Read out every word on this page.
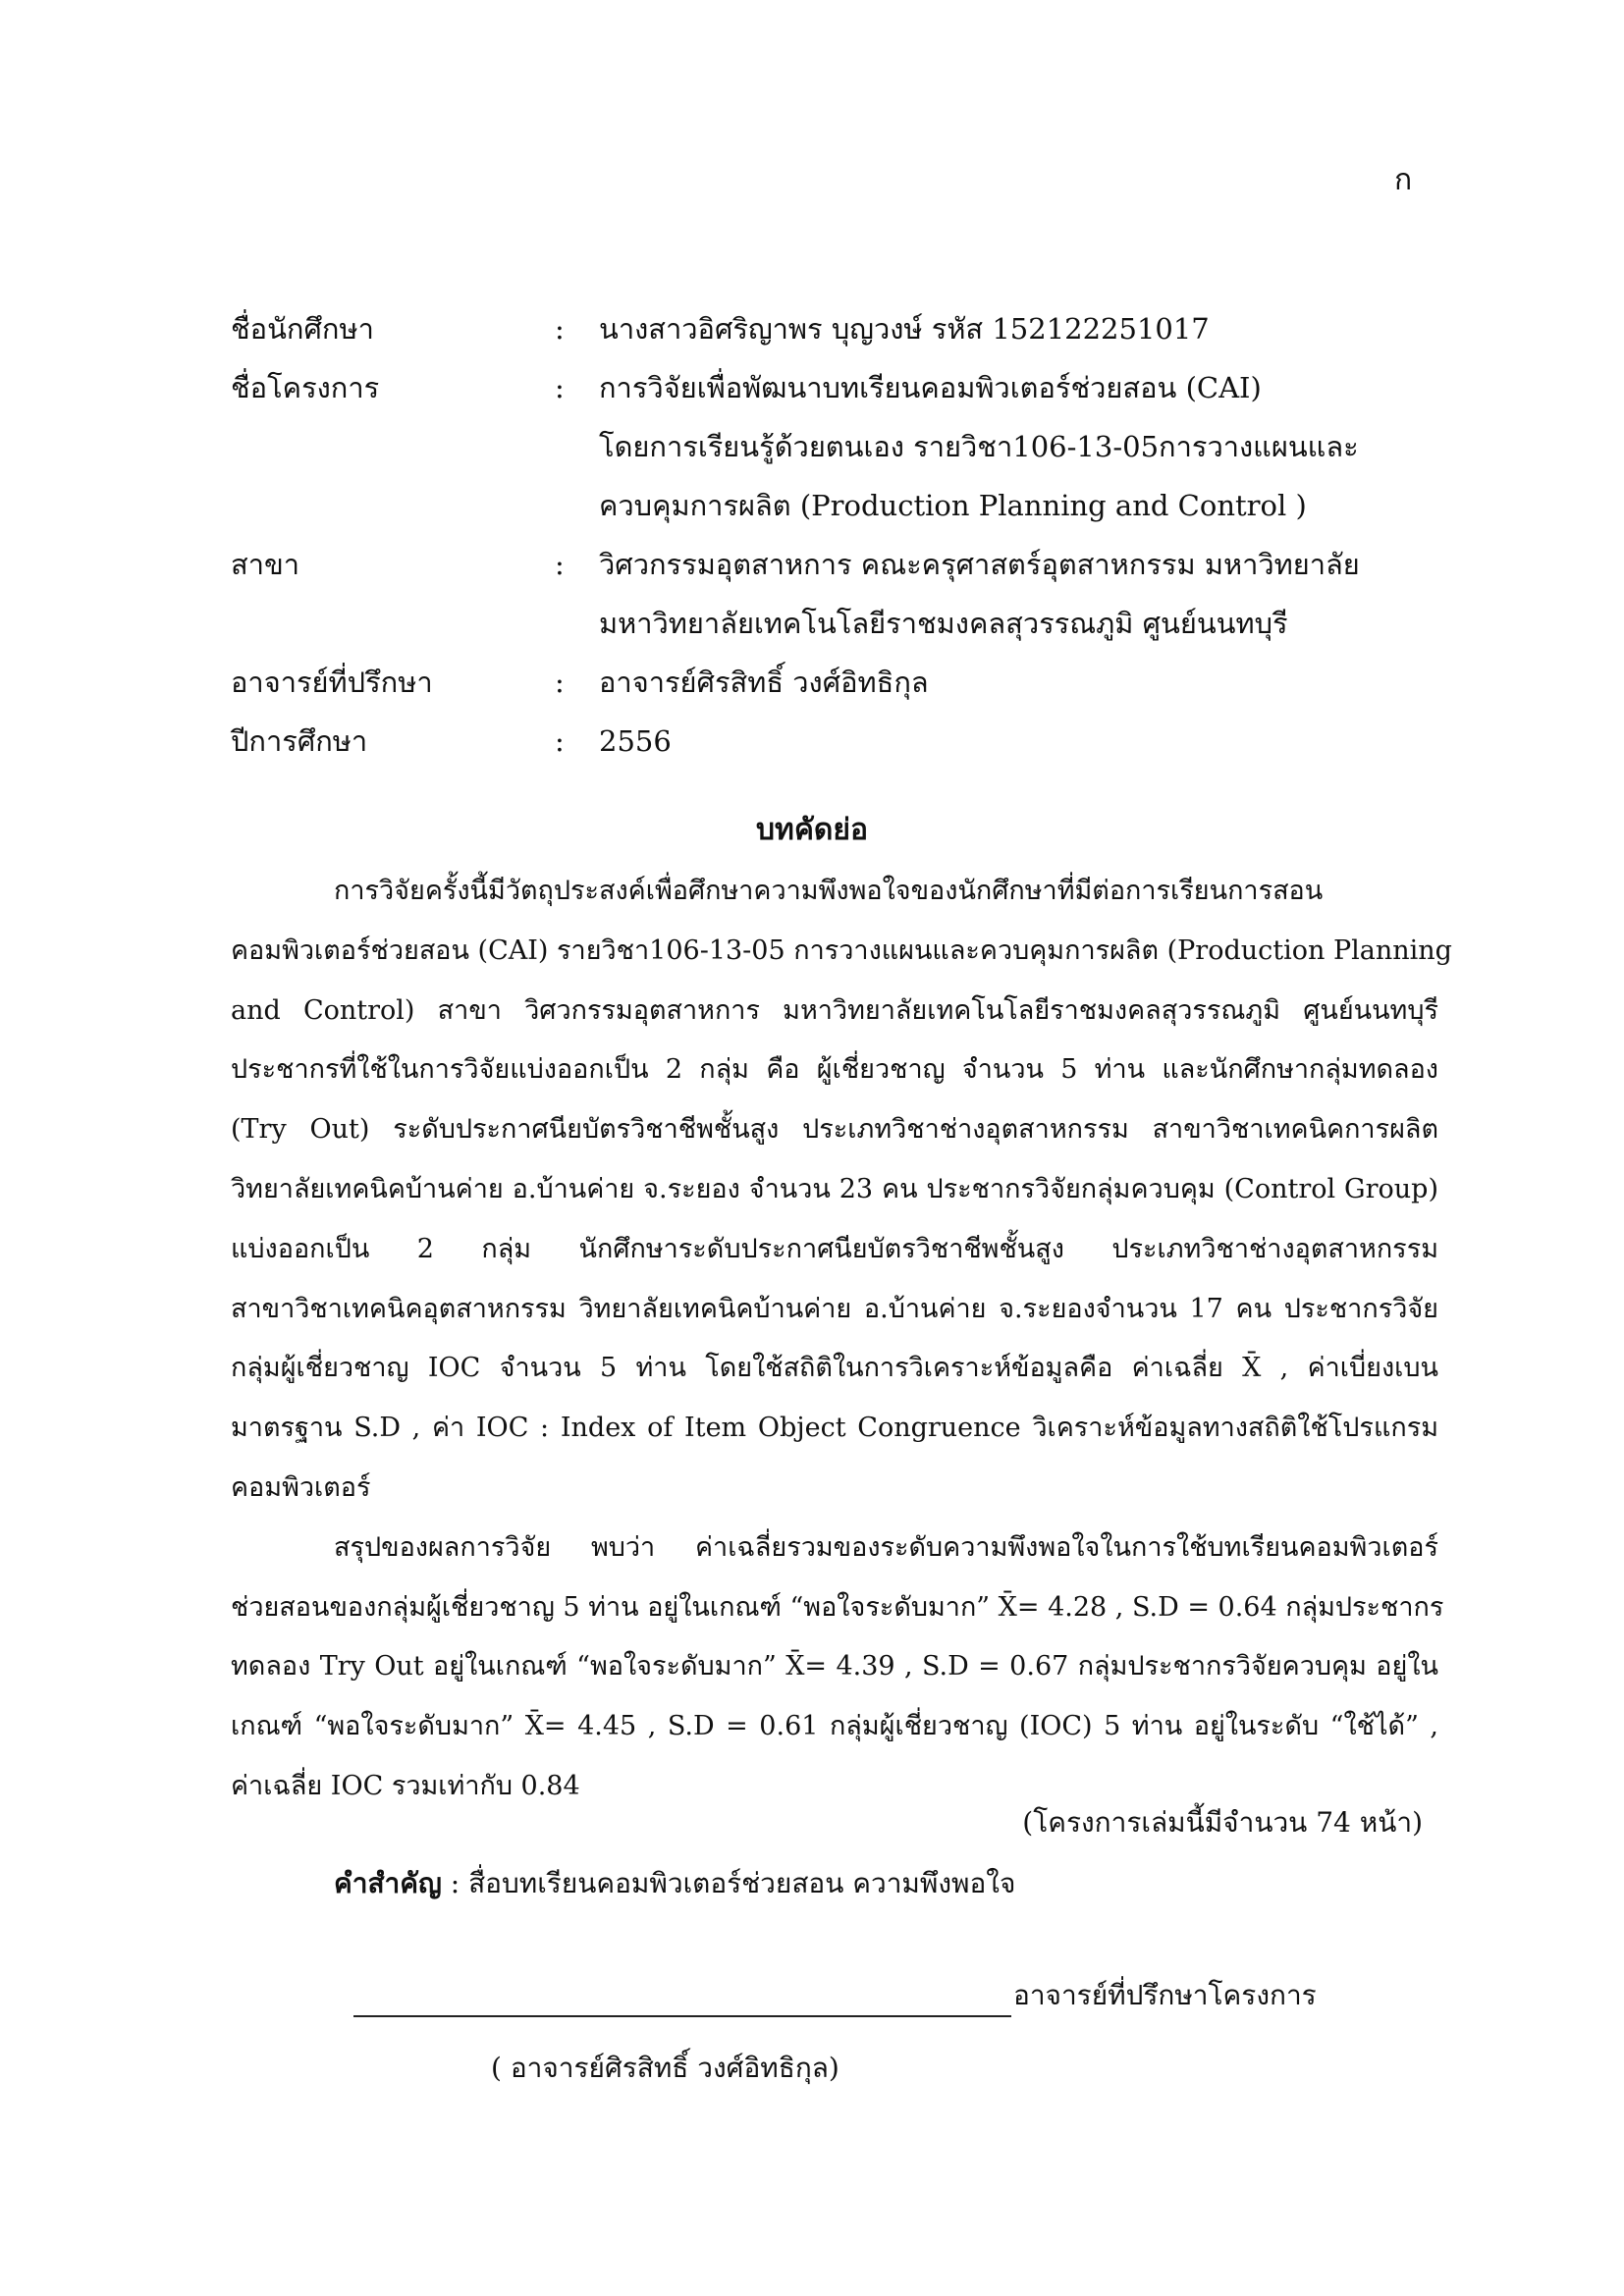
ก
ชื่อนักศึกษา	:	นางสาวอิศริญาพร บุญวงษ์ รหัส 152122251017
ชื่อโครงการ	:	การวิจัยเพื่อพัฒนาบทเรียนคอมพิวเตอร์ช่วยสอน (CAI)
โดยการเรียนรู้ด้วยตนเอง รายวิชา106-13-05การวางแผนและ
ควบคุมการผลิต (Production Planning and Control )
สาขา	:	วิศวกรรมอุตสาหการ คณะครุศาสตร์อุตสาหกรรม มหาวิทยาลัย
มหาวิทยาลัยเทคโนโลยีราชมงคลสุวรรณภูมิ ศูนย์นนทบุรี
อาจารย์ที่ปรึกษา	:	อาจารย์ศิรสิทธิ์ วงศ์อิทธิกุล
ปีการศึกษา	:	2556
บทคัดย่อ
การวิจัยครั้งนี้มีวัตถุประสงค์เพื่อศึกษาความพึงพอใจของนักศึกษาที่มีต่อการเรียนการสอน
คอมพิวเตอร์ช่วยสอน (CAI) รายวิชา106-13-05 การวางแผนและควบคุมการผลิต (Production Planning
and Control) สาขา วิศวกรรมอุตสาหการ มหาวิทยาลัยเทคโนโลยีราชมงคลสุวรรณภูมิ ศูนย์นนทบุรี
ประชากรที่ใช้ในการวิจัยแบ่งออกเป็น 2 กลุ่ม คือ ผู้เชี่ยวชาญ จำนวน 5 ท่าน และนักศึกษากลุ่มทดลอง
(Try Out) ระดับประกาศนียบัตรวิชาชีพชั้นสูง ประเภทวิชาช่างอุตสาหกรรม สาขาวิชาเทคนิคการผลิต
วิทยาลัยเทคนิคบ้านค่าย อ.บ้านค่าย จ.ระยอง จำนวน 23 คน ประชากรวิจัยกลุ่มควบคุม (Control Group)
แบ่งออกเป็น 2 กลุ่ม นักศึกษาระดับประกาศนียบัตรวิชาชีพชั้นสูง ประเภทวิชาช่างอุตสาหกรรม
สาขาวิชาเทคนิคอุตสาหกรรม วิทยาลัยเทคนิคบ้านค่าย อ.บ้านค่าย จ.ระยองจำนวน 17 คน ประชากรวิจัย
กลุ่มผู้เชี่ยวชาญ IOC จำนวน 5 ท่าน โดยใช้สถิติในการวิเคราะห์ข้อมูลคือ ค่าเฉลี่ย X̄ , ค่าเบี่ยงเบน
มาตรฐาน S.D , ค่า IOC : Index of Item Object Congruence วิเคราะห์ข้อมูลทางสถิติใช้โปรแกรม
คอมพิวเตอร์
สรุปของผลการวิจัย พบว่า ค่าเฉลี่ยรวมของระดับความพึงพอใจในการใช้บทเรียนคอมพิวเตอร์
ช่วยสอนของกลุ่มผู้เชี่ยวชาญ 5 ท่าน อยู่ในเกณฑ์ “พอใจระดับมาก” X̄= 4.28 , S.D = 0.64 กลุ่มประชากร
ทดลอง Try Out อยู่ในเกณฑ์ “พอใจระดับมาก” X̄= 4.39 , S.D = 0.67 กลุ่มประชากรวิจัยควบคุม อยู่ใน
เกณฑ์ “พอใจระดับมาก” X̄= 4.45 , S.D = 0.61 กลุ่มผู้เชี่ยวชาญ (IOC) 5 ท่าน อยู่ในระดับ “ใช้ได้” ,
ค่าเฉลี่ย IOC รวมเท่ากับ 0.84
(โครงการเล่มนี้มีจำนวน 74 หน้า)
คำสำคัญ : สื่อบทเรียนคอมพิวเตอร์ช่วยสอน ความพึงพอใจ
อาจารย์ที่ปรึกษาโครงการ
( อาจารย์ศิรสิทธิ์ วงศ์อิทธิกุล)
